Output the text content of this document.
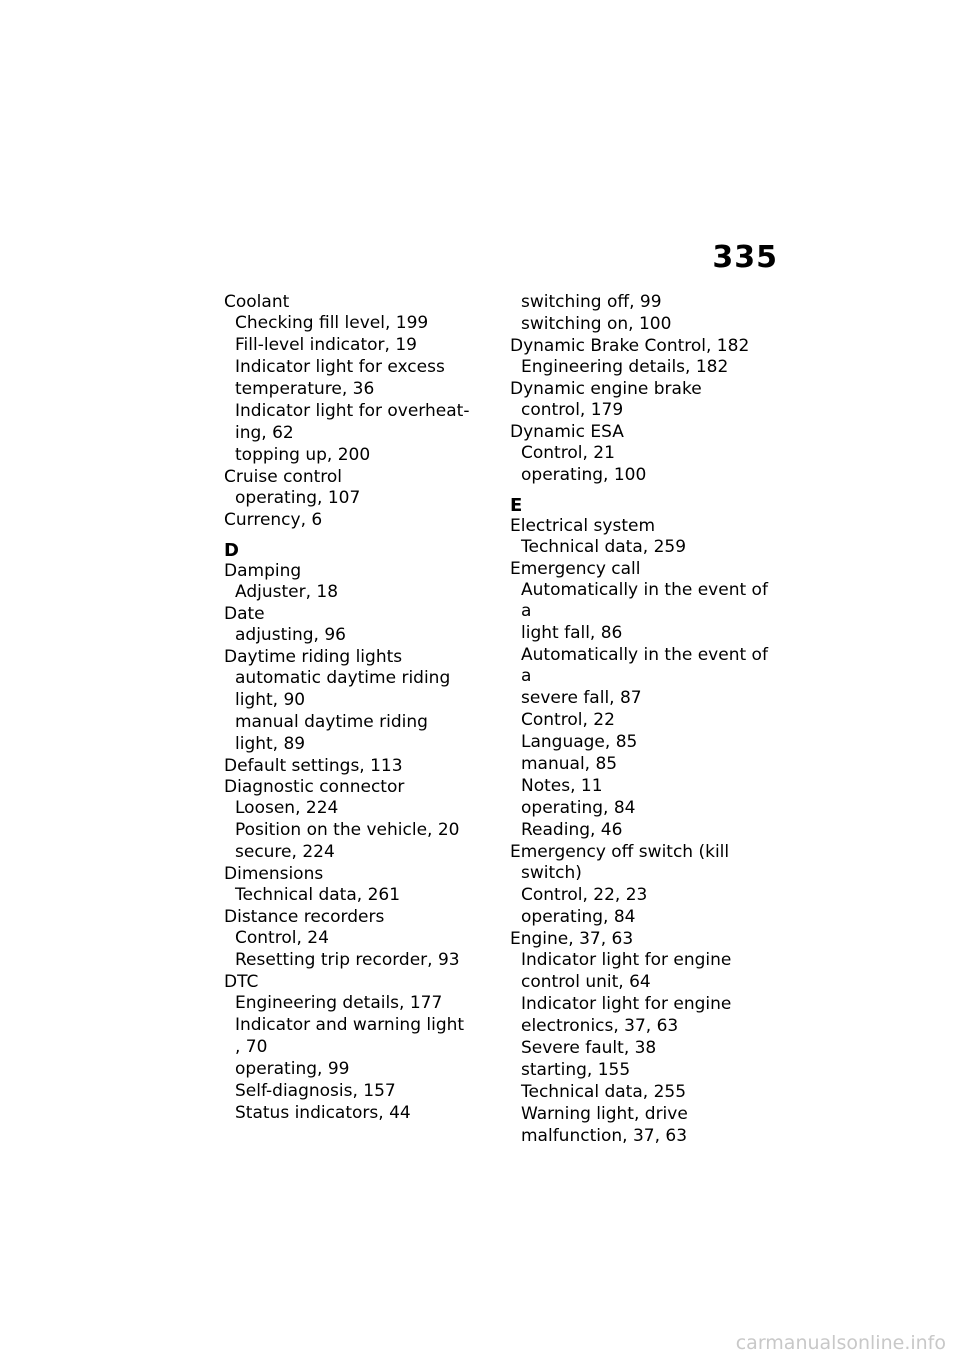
335
Coolant
Checking fill level, 199
Fill-level indicator, 19
Indicator light for excess
temperature, 36
Indicator light for overheat-
ing, 62
topping up, 200
Cruise control
operating, 107
Currency, 6
D
Damping
Adjuster, 18
Date
adjusting, 96
Daytime riding lights
automatic daytime riding
light, 90
manual daytime riding
light, 89
Default settings, 113
Diagnostic connector
Loosen, 224
Position on the vehicle, 20
secure, 224
Dimensions
Technical data, 261
Distance recorders
Control, 24
Resetting trip recorder, 93
DTC
Engineering details, 177
Indicator and warning light
, 70
operating, 99
Self-diagnosis, 157
Status indicators, 44
switching off, 99
switching on, 100
Dynamic Brake Control, 182
Engineering details, 182
Dynamic engine brake
control, 179
Dynamic ESA
Control, 21
operating, 100
E
Electrical system
Technical data, 259
Emergency call
Automatically in the event of a
light fall, 86
Automatically in the event of a
severe fall, 87
Control, 22
Language, 85
manual, 85
Notes, 11
operating, 84
Reading, 46
Emergency off switch (kill
switch)
Control, 22, 23
operating, 84
Engine, 37, 63
Indicator light for engine
control unit, 64
Indicator light for engine
electronics, 37, 63
Severe fault, 38
starting, 155
Technical data, 255
Warning light, drive
malfunction, 37, 63
carmanualsonline.info
